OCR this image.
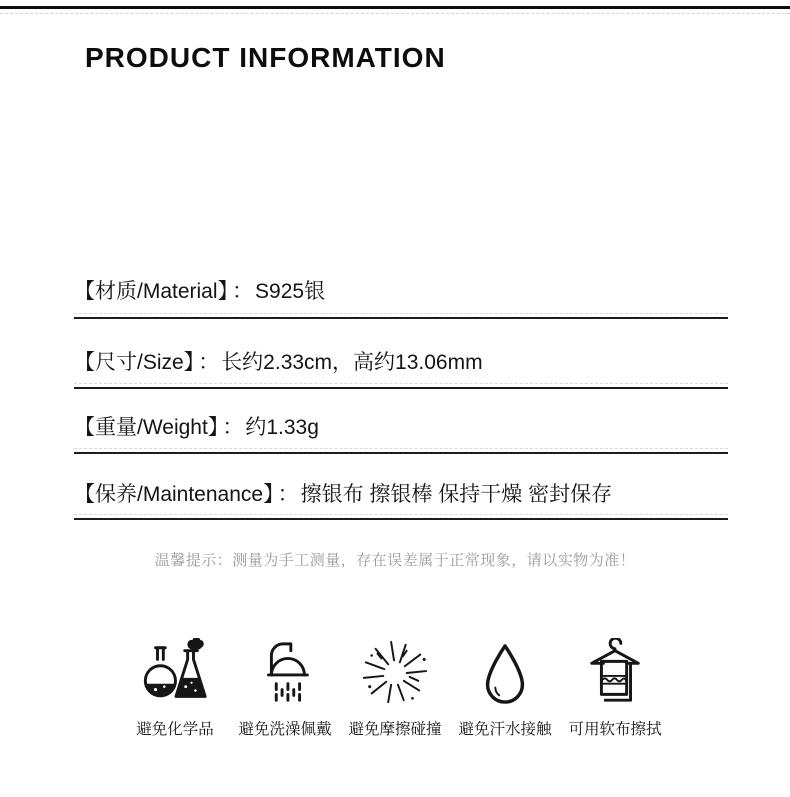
PRODUCT INFORMATION
【材质/Material】 ：S925银
【尺寸/Size】 ：长约2.33cm，高约13.06mm
【重量/Weight】 ：约1.33g
【保养/Maintenance】 ：擦银布 擦银棒 保持干燥 密封保存
温馨提示：测量为手工测量，存在误差属于正常现象，请以实物为准！
避免化学品 避免洗澡佩戴 避免摩擦碰撞 避免汗水接触 可用软布擦拭
